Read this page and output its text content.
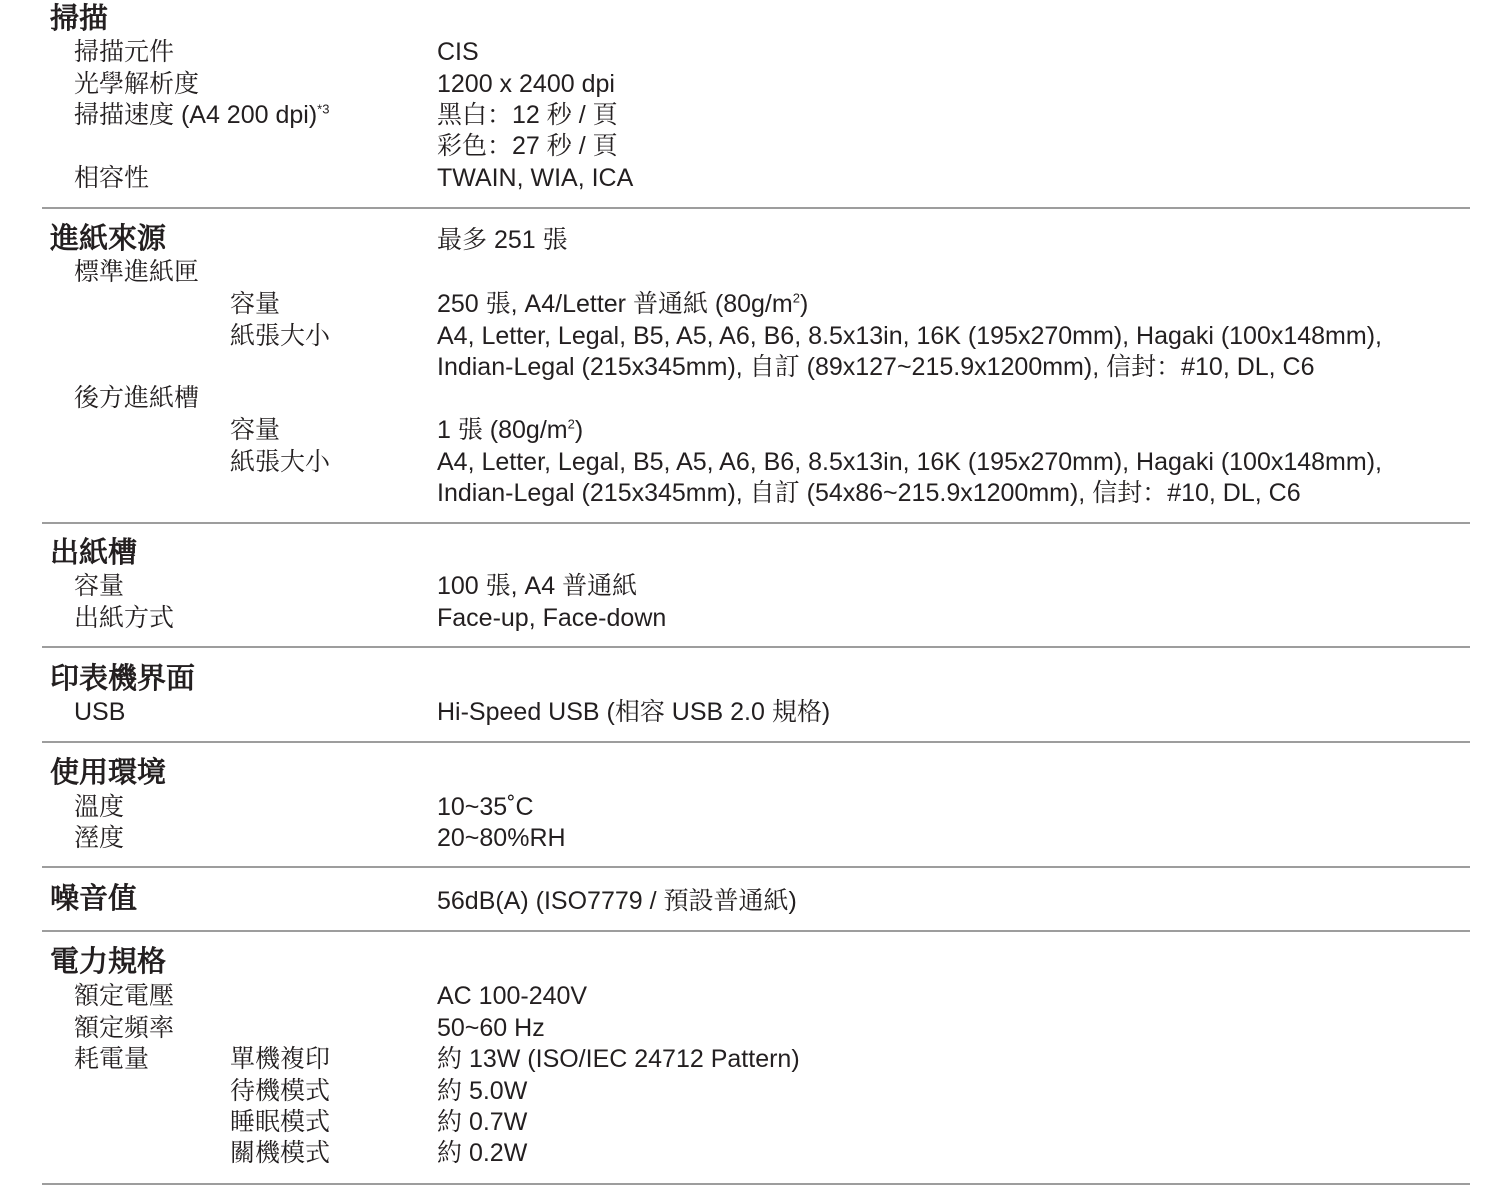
掃描
掃描元件	CIS
光學解析度	1200 x 2400 dpi
掃描速度 (A4 200 dpi)$^{*3}$	黑白：12 秒 / 頁
彩色：27 秒 / 頁
相容性	TWAIN, WIA, ICA
進紙來源	最多 251 張
標準進紙匣
容量	250 張, A4/Letter 普通紙 $(80g/m^2)$
紙張大小	A4, Letter, Legal, B5, A5, A6, B6, 8.5x13in, 16K (195x270mm), Hagaki (100x148mm),
Indian-Legal (215x345mm), 自訂 (89x127~215.9x1200mm), 信封：#10, DL, C6
後方進紙槽
容量	1 張 $(80g/m^2)$
紙張大小	A4, Letter, Legal, B5, A5, A6, B6, 8.5x13in, 16K (195x270mm), Hagaki (100x148mm),
Indian-Legal (215x345mm), 自訂 (54x86~215.9x1200mm), 信封：#10, DL, C6
出紙槽
容量	100 張, A4 普通紙
出紙方式	Face-up, Face-down
印表機界面
USB	Hi-Speed USB (相容 USB 2.0 規格)
使用環境
溫度	10~35˚C
溼度	20~80%RH
噪音值	56dB(A) (ISO7779 / 預設普通紙)
電力規格
額定電壓	AC 100-240V
額定頻率	50~60 Hz
耗電量	單機複印	約 13W (ISO/IEC 24712 Pattern)
待機模式	約 5.0W
睡眠模式	約 0.7W
關機模式	約 0.2W
